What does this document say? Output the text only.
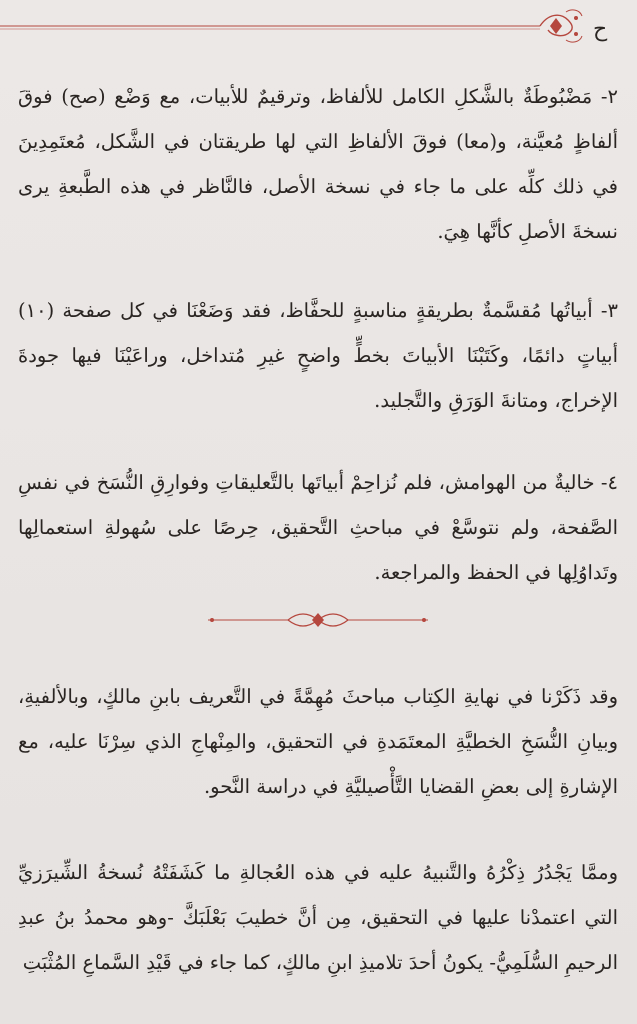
ح

٢- مَضْبُوطَةٌ بالشَّكلِ الكامل للألفاظ، وترقيمٌ للأبيات، مع وَضْع (صح) فوقَ ألفاظٍ مُعيَّنة، و(معا) فوقَ الألفاظِ التي لها طريقتان في الشَّكل، مُعتَمِدِينَ في ذلك كلِّه على ما جاء في نسخة الأصل، فالنَّاظر في هذه الطَّبعةِ يرى نسخةَ الأصلِ كأنَّها هِيَ.

٣- أبياتُها مُقسَّمةٌ بطريقةٍ مناسبةٍ للحفَّاظ، فقد وَضَعْنَا في كل صفحة (١٠) أبياتٍ دائمًا، وكَتَبْنَا الأبياتَ بخطٍّ واضحٍ غيرِ مُتداخل، وراعَيْنَا فيها جودةَ الإخراج، ومتانةَ الوَرَقِ والتَّجليد.

٤- خاليةٌ من الهوامش، فلم نُزاحِمْ أبياتَها بالتَّعليقاتِ وفوارِقِ النُّسَخ في نفسِ الصَّفحة، ولم نتوسَّعْ في مباحثِ التَّحقيق، حِرصًا على سُهولةِ استعمالِها وتَداوُلِها في الحفظ والمراجعة.

وقد ذَكَرْنا في نهايةِ الكِتاب مباحثَ مُهِمَّةً في التَّعريف بابنِ مالكٍ، وبالألفيةِ، وبيانِ النُّسَخِ الخطيَّةِ المعتَمَدةِ في التحقيق، والمِنْهاجِ الذي سِرْنَا عليه، مع الإشارةِ إلى بعضِ القضايا التَّأْصيليَّةِ في دراسة النَّحو.

وممَّا يَجْدُرُ ذِكْرُهُ والتَّنبيهُ عليه في هذه العُجالةِ ما كَشَفَتْهُ نُسخةُ الشِّيرَزيِّ التي اعتمدْنا عليها في التحقيق، مِن أنَّ خطيبَ بَعْلَبَكَّ -وهو محمدُ بنُ عبدِ الرحيمِ السُّلَمِيُّ- يكونُ أحدَ تلاميذِ ابنِ مالكٍ، كما جاء في قَيْدِ السَّماعِ المُثْبَتِ
